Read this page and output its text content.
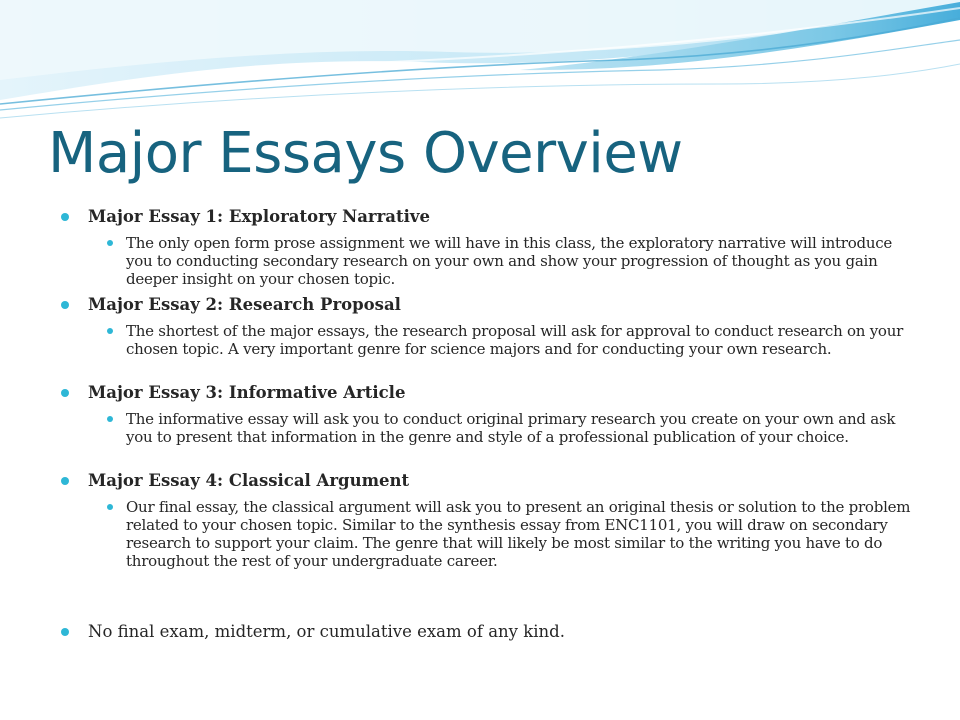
Major Essays Overview
Major Essay 1: Exploratory Narrative
The only open form prose assignment we will have in this class, the exploratory narrative will introduce you to conducting secondary research on your own and show your progression of thought as you gain deeper insight on your chosen topic.
Major Essay 2: Research Proposal
The shortest of the major essays, the research proposal will ask for approval to conduct research on your chosen topic. A very important genre for science majors and for conducting your own research.
Major Essay 3: Informative Article
The informative essay will ask you to conduct original primary research you create on your own and ask you to present that information in the genre and style of a professional publication of your choice.
Major Essay 4: Classical Argument
Our final essay, the classical argument will ask you to present an original thesis or solution to the problem related to your chosen topic. Similar to the synthesis essay from ENC1101, you will draw on secondary research to support your claim. The genre that will likely be most similar to the writing you have to do throughout the rest of your undergraduate career.
No final exam, midterm, or cumulative exam of any kind.
